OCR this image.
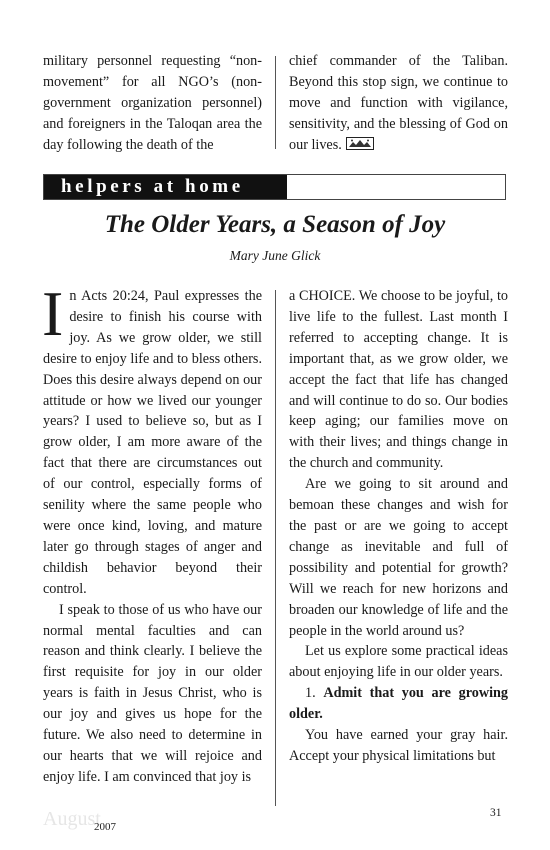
military personnel requesting “non-movement” for all NGO’s (non-government organization personnel) and foreigners in the Taloqan area the day following the death of the

chief commander of the Taliban. Beyond this stop sign, we continue to move and function with vigilance, sensitivity, and the blessing of God on our lives.

helpers at home
The Older Years, a Season of Joy
Mary June Glick

In Acts 20:24, Paul expresses the desire to finish his course with joy. As we grow older, we still desire to enjoy life and to bless others. Does this desire always depend on our attitude or how we lived our younger years? I used to believe so, but as I grow older, I am more aware of the fact that there are circumstances out of our control, especially forms of senility where the same people who were once kind, loving, and mature later go through stages of anger and childish behavior beyond their control.

I speak to those of us who have our normal mental faculties and can reason and think clearly. I believe the first requisite for joy in our older years is faith in Jesus Christ, who is our joy and gives us hope for the future. We also need to determine in our hearts that we will rejoice and enjoy life. I am convinced that joy is

a CHOICE. We choose to be joyful, to live life to the fullest. Last month I referred to accepting change. It is important that, as we grow older, we accept the fact that life has changed and will continue to do so. Our bodies keep aging; our families move on with their lives; and things change in the church and community.

Are we going to sit around and bemoan these changes and wish for the past or are we going to accept change as inevitable and full of possibility and potential for growth? Will we reach for new horizons and broaden our knowledge of life and the people in the world around us?

Let us explore some practical ideas about enjoying life in our older years.

1. Admit that you are growing older.

You have earned your gray hair. Accept your physical limitations but

August
2007
31
